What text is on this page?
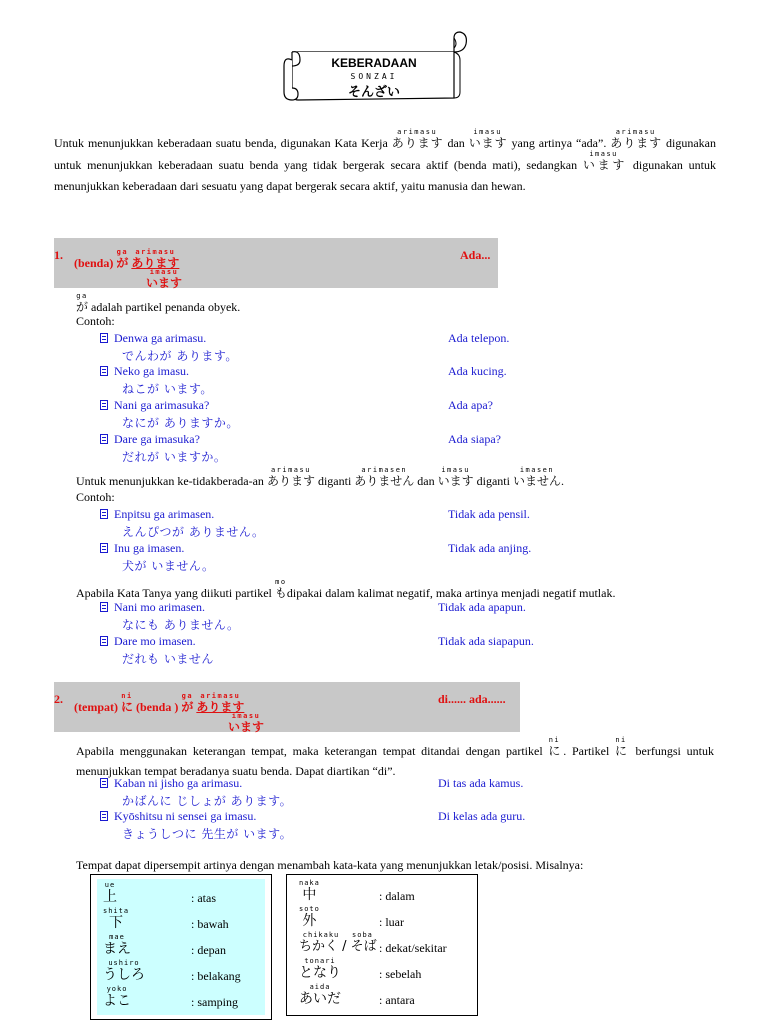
KEBERADAAN
SONZAI
そんざい
Untuk menunjukkan keberadaan suatu benda, digunakan Kata Kerja ありますarimasu dan いますimasu yang artinya “ada”. ありますarimasu digunakan untuk menunjukkan keberadaan suatu benda yang tidak bergerak secara aktif (benda mati), sedangkan いますimasu digunakan untuk menunjukkan keberadaan dari sesuatu yang dapat bergerak secara aktif, yaitu manusia dan hewan.
1.
(benda) がga ありますarimasu
いますimasu
Ada...
がga adalah partikel penanda obyek.
Contoh:
Denwa ga arimasu.
でんわが あります。
Ada telepon.
Neko ga imasu.
ねこが います。
Ada kucing.
Nani ga arimasuka?
なにが ありますか。
Ada apa?
Dare ga imasuka?
だれが いますか。
Ada siapa?
Untuk menunjukkan ke-tidakberada-an ありますarimasu diganti ありませんarimasen dan いますimasu diganti いませんimasen.
Contoh:
Enpitsu ga arimasen.
えんぴつが ありません。
Tidak ada pensil.
Inu ga imasen.
犬が いません。
Tidak ada anjing.
Apabila Kata Tanya yang diikuti partikel もmodipakai dalam kalimat negatif, maka artinya menjadi negatif mutlak.
Nani mo arimasen.
なにも ありません。
Tidak ada apapun.
Dare mo imasen.
だれも いません
Tidak ada siapapun.
2.
(tempat) にni (benda ) がga ありますarimasu
いますimasu
di...... ada......
Apabila menggunakan keterangan tempat, maka keterangan tempat ditandai dengan partikel にni. Partikel にni berfungsi untuk menunjukkan tempat beradanya suatu benda. Dapat diartikan “di”.
Kaban ni jisho ga arimasu.
かばんに じしょが あります。
Di tas ada kamus.
Kyōshitsu ni sensei ga imasu.
きょうしつに 先生が います。
Di kelas ada guru.
Tempat dapat dipersempit artinya dengan menambah kata-kata yang menunjukkan letak/posisi. Misalnya:
上ue
: atas
下shita
: bawah
まえmae
: depan
うしろushiro
: belakang
よこyoko
: samping
中naka
: dalam
外soto
: luar
ちかく / そばchikaku soba
: dekat/sekitar
となりtonari
: sebelah
あいだaida
: antara
